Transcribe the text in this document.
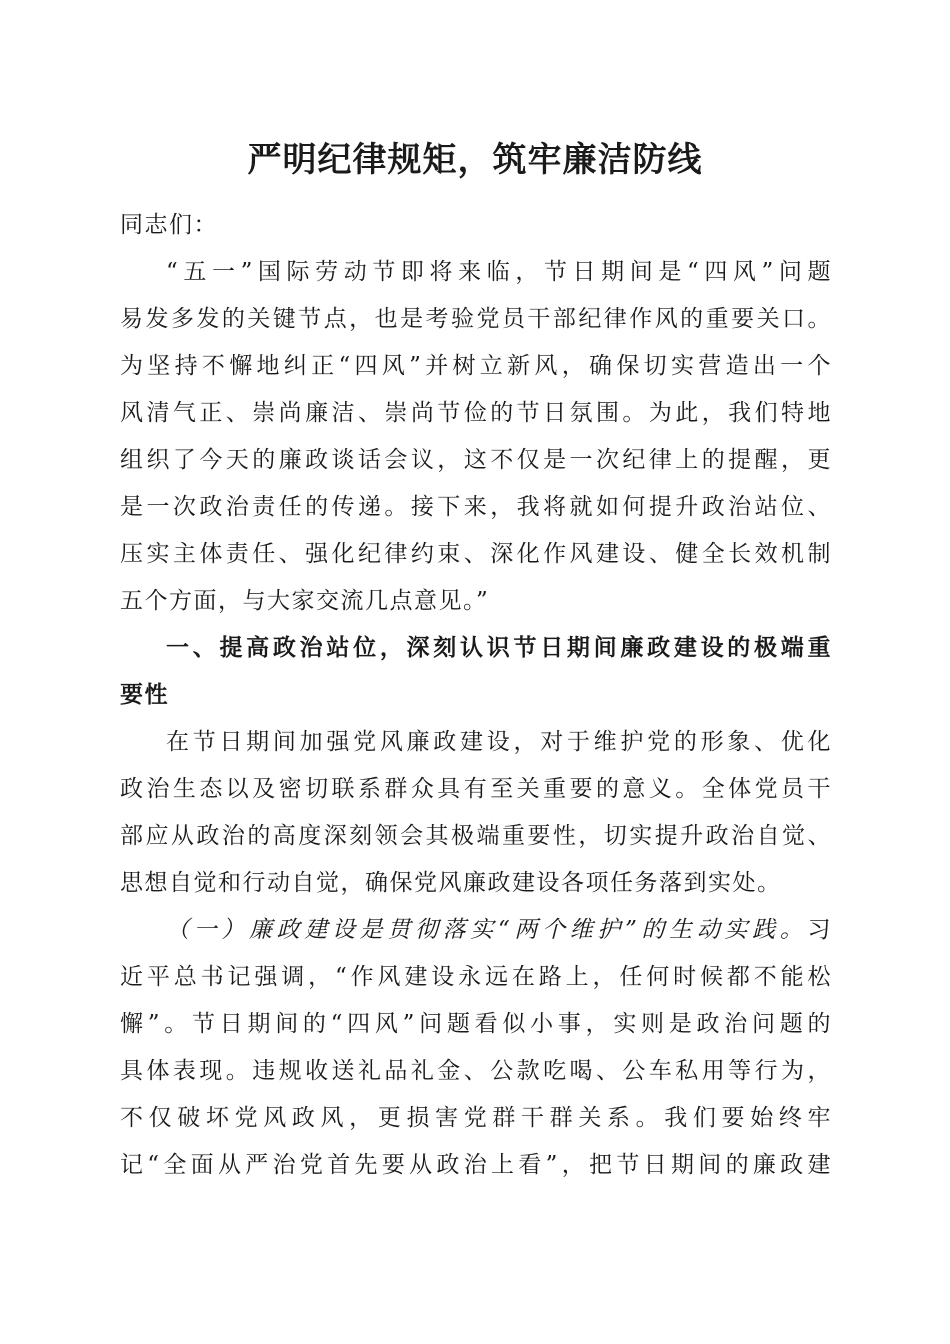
严明纪律规矩，筑牢廉洁防线
同志们：
“五一”国际劳动节即将来临，节日期间是“四风”问题
易发多发的关键节点，也是考验党员干部纪律作风的重要关口。
为坚持不懈地纠正“四风”并树立新风，确保切实营造出一个
风清气正、崇尚廉洁、崇尚节俭的节日氛围。为此，我们特地
组织了今天的廉政谈话会议，这不仅是一次纪律上的提醒，更
是一次政治责任的传递。接下来，我将就如何提升政治站位、
压实主体责任、强化纪律约束、深化作风建设、健全长效机制
五个方面，与大家交流几点意见。”
一、提高政治站位，深刻认识节日期间廉政建设的极端重
要性
在节日期间加强党风廉政建设，对于维护党的形象、优化
政治生态以及密切联系群众具有至关重要的意义。全体党员干
部应从政治的高度深刻领会其极端重要性，切实提升政治自觉、
思想自觉和行动自觉，确保党风廉政建设各项任务落到实处。
（一）廉政建设是贯彻落实“两个维护”的生动实践。习
近平总书记强调，“作风建设永远在路上，任何时候都不能松
懈”。节日期间的“四风”问题看似小事，实则是政治问题的
具体表现。违规收送礼品礼金、公款吃喝、公车私用等行为，
不仅破坏党风政风，更损害党群干群关系。我们要始终牢
记“全面从严治党首先要从政治上看”，把节日期间的廉政建
